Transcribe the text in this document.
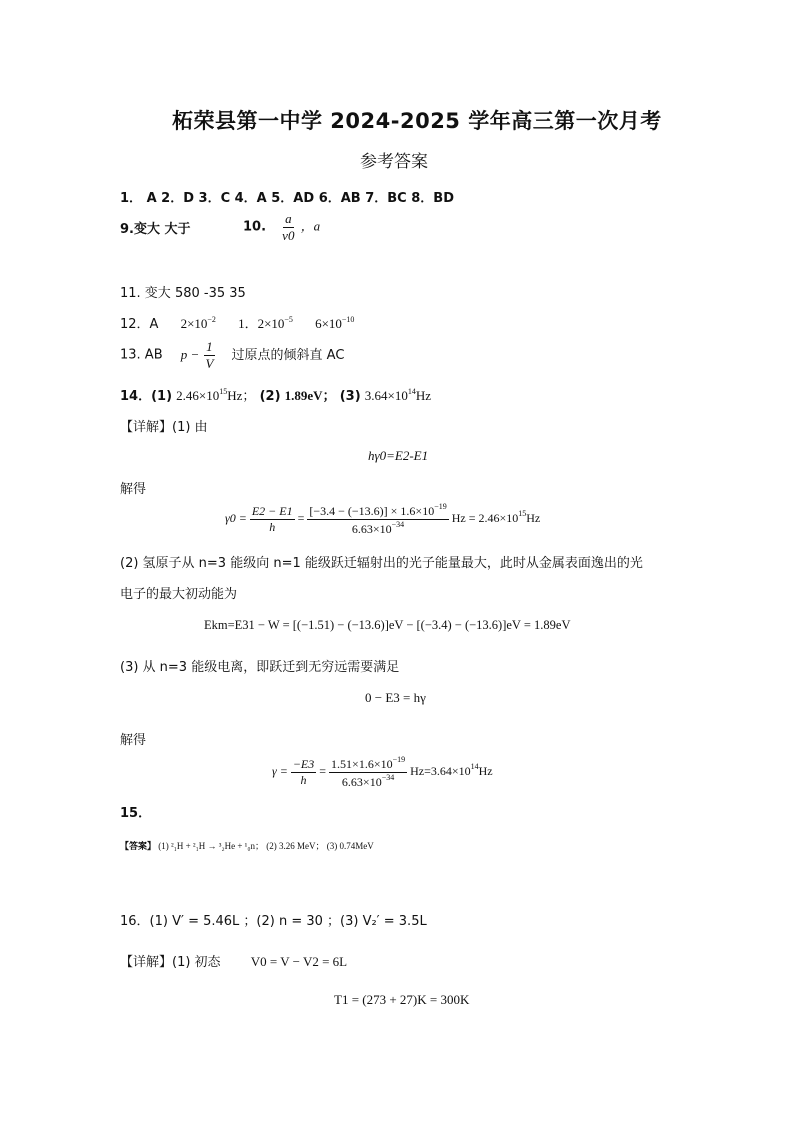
柘荣县第一中学 2024-2025 学年高三第一次月考
参考答案
1． A 2．D 3．C 4．A 5．AD 6．AB 7．BC 8．BD
9.变大 大于	10. $\frac{a}{v0}$ ，a
11. 变大 580 -35 35
12．A $2\times 10^{-2}$ 1．$2\times 10^{-5}$ $6\times 10^{-10}$
13. AB $p - \frac{1}{V}$ 过原点的倾斜直 AC
14．(1) $2.46\times 10^{15}Hz$； (2) 1.89eV； (3) $3.64\times 10^{14}Hz$
【详解】(1) 由
hγ0=E2-E1
解得
$\gamma 0 = \frac{E2 - E1}{h} = \frac{[-3.4 - (-13.6)] \times 1.6\times 10^{-19}}{6.63\times 10^{-34}}$ $Hz = 2.46\times 10^{15}Hz$
(2) 氢原子从 n=3 能级向 n=1 能级跃迁辐射出的光子能量最大，此时从金属表面逸出的光
电子的最大初动能为
Ekm=E31 − W = [(−1.51) − (−13.6)]eV − [(−3.4) − (−13.6)]eV = 1.89eV
(3) 从 n=3 能级电离，即跃迁到无穷远需要满足
0 − E3 = hγ
解得
$\gamma = \frac{-E3}{h} = \frac{1.51\times 1.6\times 10^{-19}}{6.63\times 10^{-34}} Hz=3.64\times 10^{14}Hz$
15．
【答案】 (1) ²₁H + ²₁H → ³₂He + ¹₀n； (2) 3.26 MeV； (3) 0.74MeV
16．(1) V′ = 5.46L ；(2) n = 30 ；(3) V₂′ = 3.5L
【详解】(1) 初态 V0 = V − V2 = 6L
T1 = (273 + 27)K = 300K
